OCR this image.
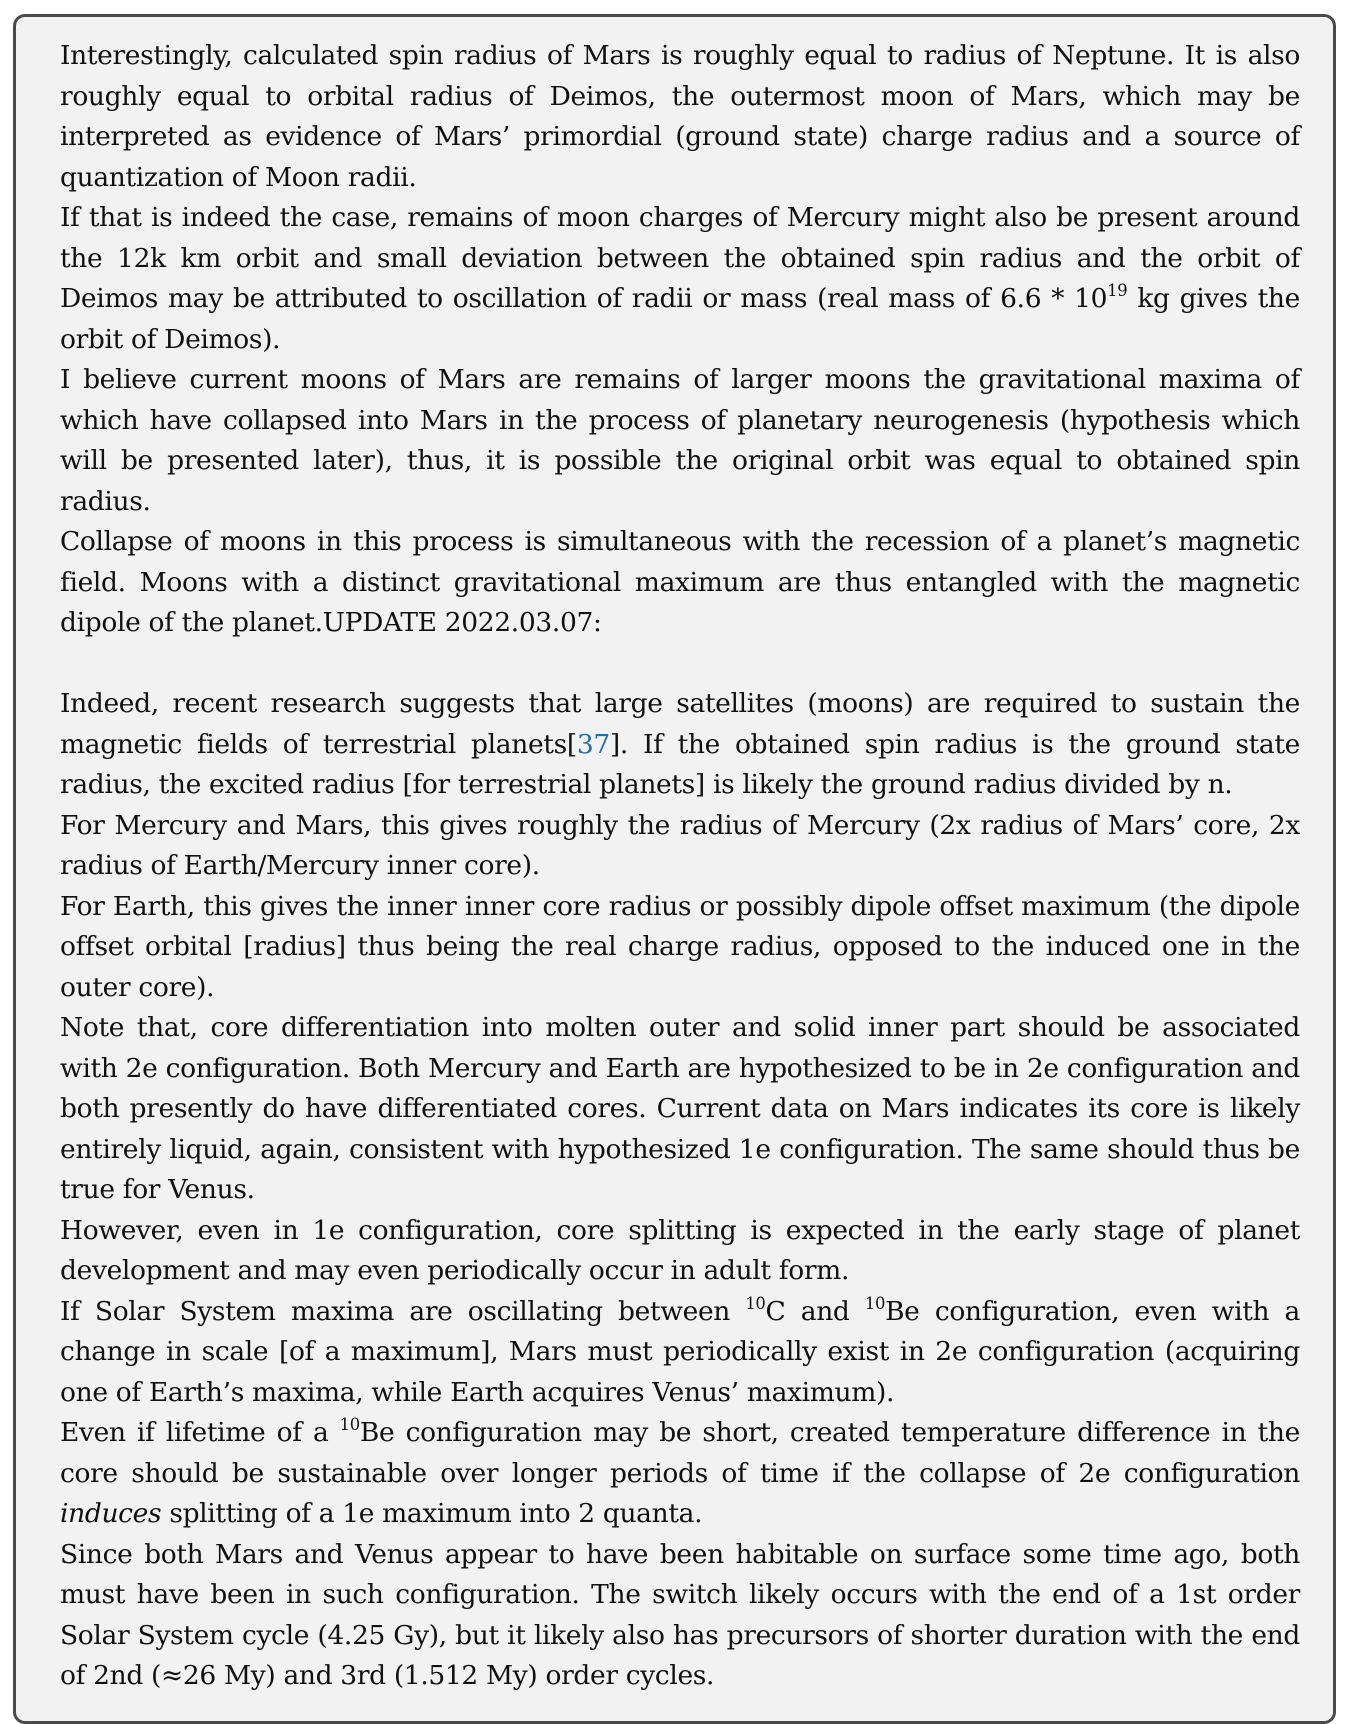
Interestingly, calculated spin radius of Mars is roughly equal to radius of Neptune. It is also roughly equal to orbital radius of Deimos, the outermost moon of Mars, which may be interpreted as evidence of Mars’ primordial (ground state) charge radius and a source of quantization of Moon radii.

If that is indeed the case, remains of moon charges of Mercury might also be present around the 12k km orbit and small deviation between the obtained spin radius and the orbit of Deimos may be attributed to oscillation of radii or mass (real mass of $6.6 * 10^{19}$ kg gives the orbit of Deimos).

I believe current moons of Mars are remains of larger moons the gravitational maxima of which have collapsed into Mars in the process of planetary neurogenesis (hypothesis which will be presented later), thus, it is possible the original orbit was equal to obtained spin radius.

Collapse of moons in this process is simultaneous with the recession of a planet’s magnetic field. Moons with a distinct gravitational maximum are thus entangled with the magnetic dipole of the planet.UPDATE 2022.03.07:

Indeed, recent research suggests that large satellites (moons) are required to sustain the magnetic fields of terrestrial planets[37]. If the obtained spin radius is the ground state radius, the excited radius [for terrestrial planets] is likely the ground radius divided by n.

For Mercury and Mars, this gives roughly the radius of Mercury (2x radius of Mars’ core, 2x radius of Earth/Mercury inner core).

For Earth, this gives the inner inner core radius or possibly dipole offset maximum (the dipole offset orbital [radius] thus being the real charge radius, opposed to the induced one in the outer core).

Note that, core differentiation into molten outer and solid inner part should be associated with 2e configuration. Both Mercury and Earth are hypothesized to be in 2e configuration and both presently do have differentiated cores. Current data on Mars indicates its core is likely entirely liquid, again, consistent with hypothesized 1e configuration. The same should thus be true for Venus.

However, even in 1e configuration, core splitting is expected in the early stage of planet development and may even periodically occur in adult form.

If Solar System maxima are oscillating between $^{10}$C and $^{10}$Be configuration, even with a change in scale [of a maximum], Mars must periodically exist in 2e configuration (acquiring one of Earth’s maxima, while Earth acquires Venus’ maximum).

Even if lifetime of a $^{10}$Be configuration may be short, created temperature difference in the core should be sustainable over longer periods of time if the collapse of 2e configuration induces splitting of a 1e maximum into 2 quanta.

Since both Mars and Venus appear to have been habitable on surface some time ago, both must have been in such configuration. The switch likely occurs with the end of a 1st order Solar System cycle (4.25 Gy), but it likely also has precursors of shorter duration with the end of 2nd (≈26 My) and 3rd (1.512 My) order cycles.
